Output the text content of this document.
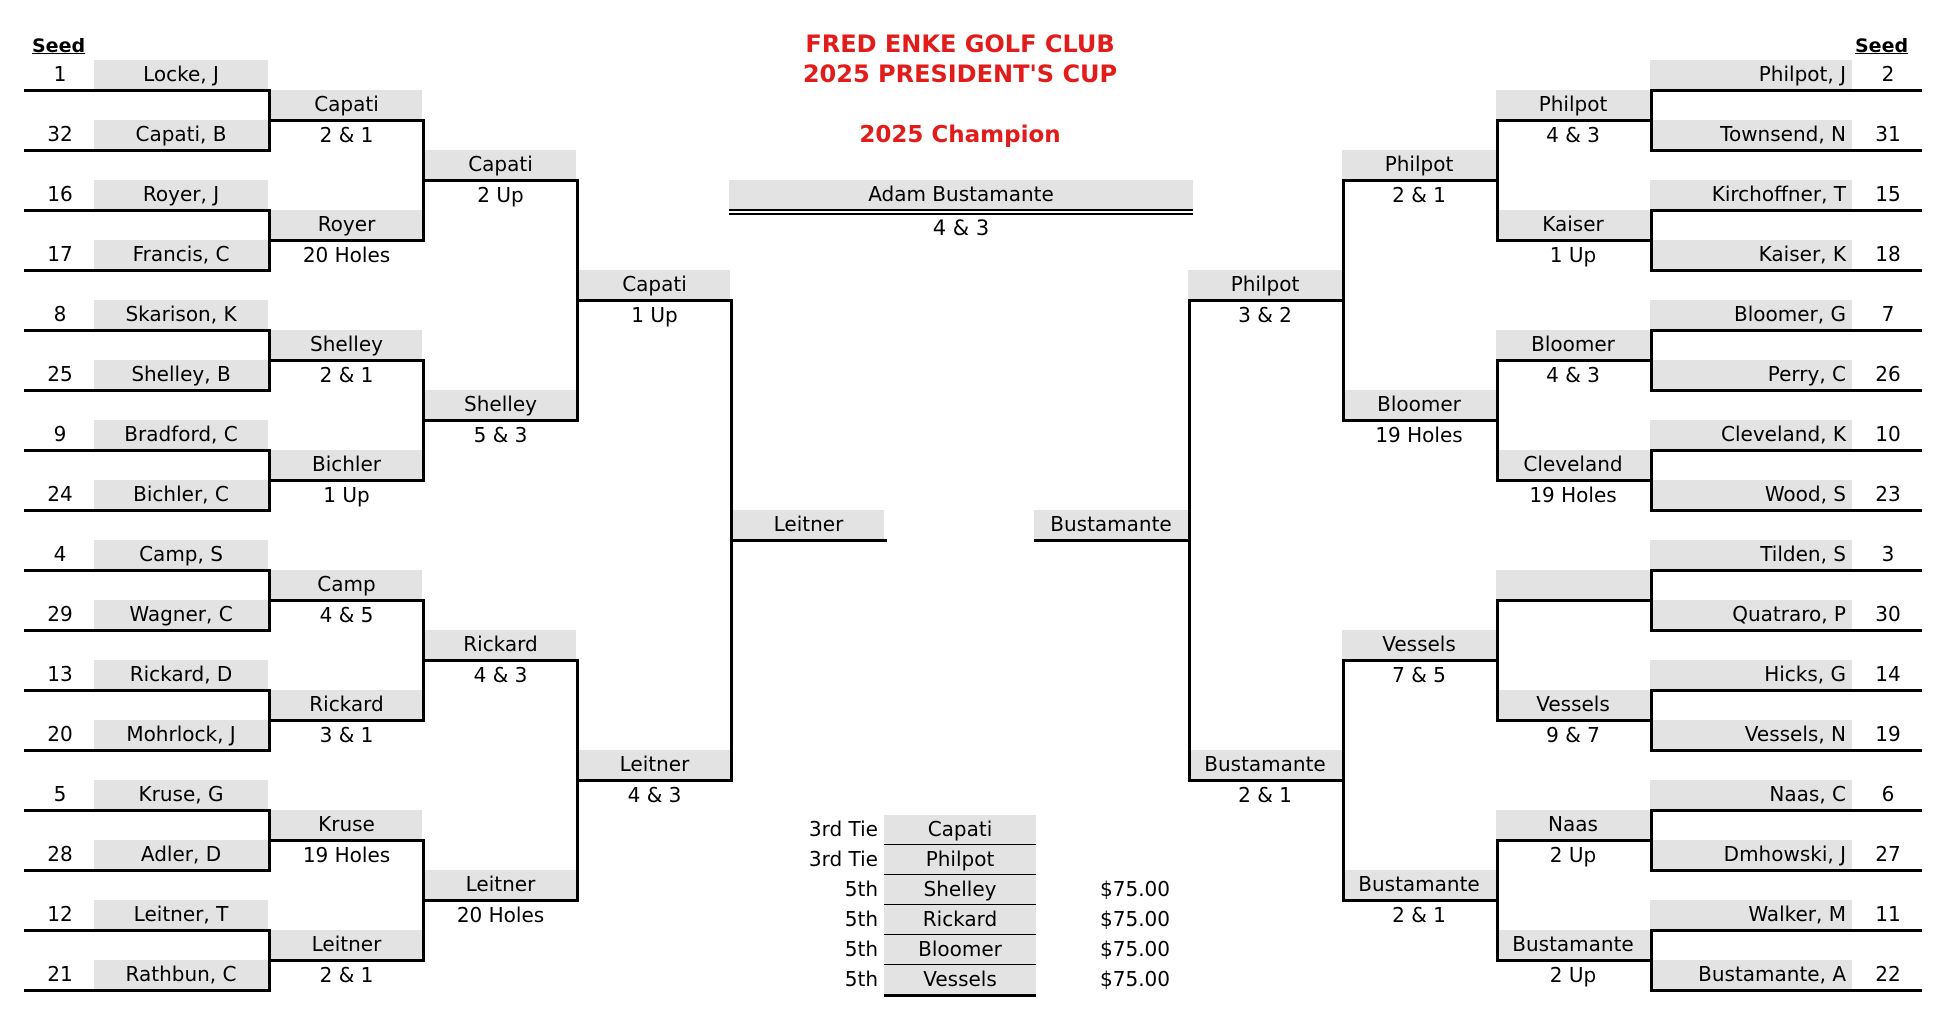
FRED ENKE GOLF CLUB
2025 PRESIDENT'S CUP
2025 Champion
Seed	Seed
Adam Bustamante
4 & 3
1	Locke, J
32	Capati, B
16	Royer, J
17	Francis, C
8	Skarison, K
25	Shelley, B
9	Bradford, C
24	Bichler, C
4	Camp, S
29	Wagner, C
13	Rickard, D
20	Mohrlock, J
5	Kruse, G
28	Adler, D
12	Leitner, T
21	Rathbun, C
Capati
2 & 1
Royer
20 Holes
Shelley
2 & 1
Bichler
1 Up
Camp
4 & 5
Rickard
3 & 1
Kruse
19 Holes
Leitner
2 & 1
Capati
2 Up
Shelley
5 & 3
Rickard
4 & 3
Leitner
20 Holes
Capati
1 Up
Leitner
4 & 3
Leitner
Philpot, J	2
Townsend, N	31
Kirchoffner, T	15
Kaiser, K	18
Bloomer, G	7
Perry, C	26
Cleveland, K	10
Wood, S	23
Tilden, S	3
Quatraro, P	30
Hicks, G	14
Vessels, N	19
Naas, C	6
Dmhowski, J	27
Walker, M	11
Bustamante, A	22
Philpot
4 & 3
Kaiser
1 Up
Bloomer
4 & 3
Cleveland
19 Holes
Vessels
9 & 7
Naas
2 Up
Bustamante
2 Up
Philpot
2 & 1
Bloomer
19 Holes
Vessels
7 & 5
Bustamante
2 & 1
Philpot
3 & 2
Bustamante
2 & 1
Bustamante
3rd Tie	Capati
3rd Tie	Philpot
5th	Shelley	$75.00
5th	Rickard	$75.00
5th	Bloomer	$75.00
5th	Vessels	$75.00
